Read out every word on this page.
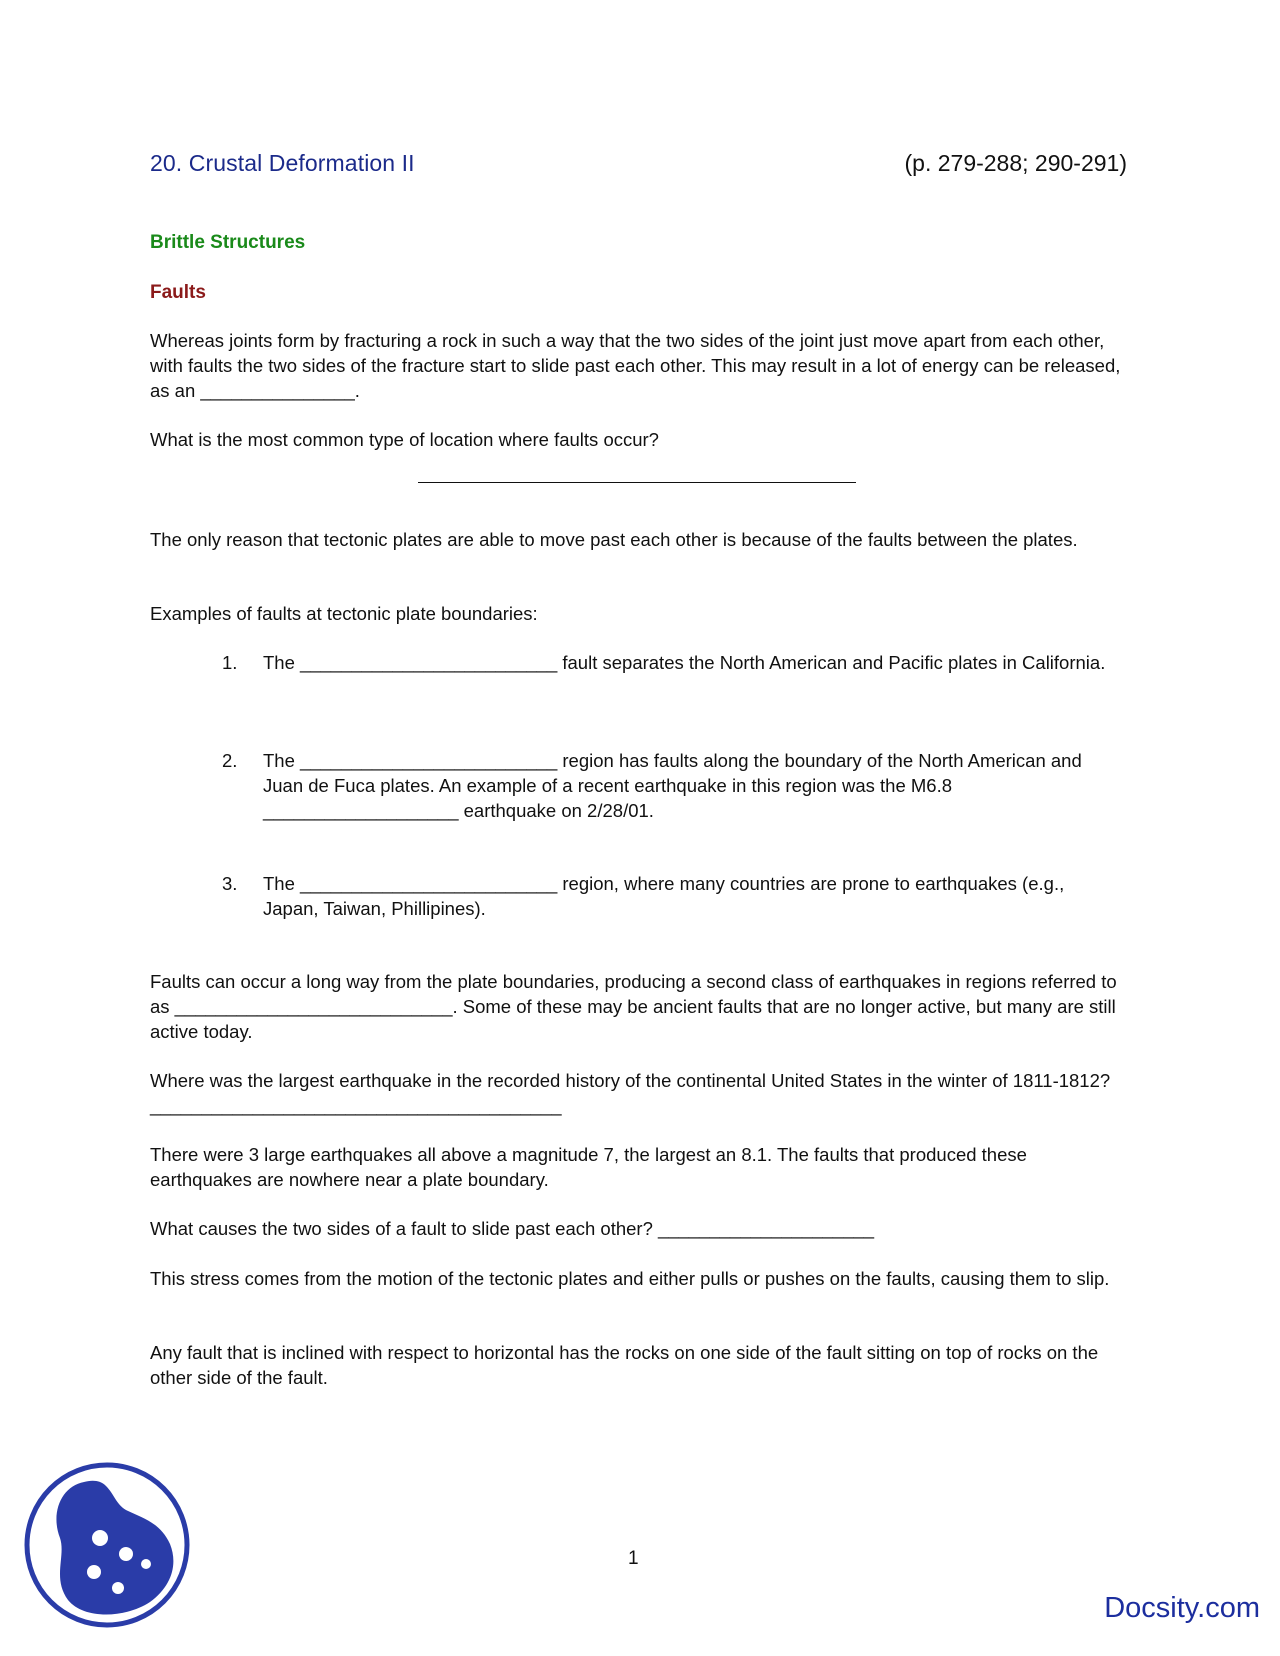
20. Crustal Deformation II	(p. 279-288; 290-291)
Brittle Structures
Faults
Whereas joints form by fracturing a rock in such a way that the two sides of the joint just move apart from each other, with faults the two sides of the fracture start to slide past each other. This may result in a lot of energy can be released, as an _______________.
What is the most common type of location where faults occur?
The only reason that tectonic plates are able to move past each other is because of the faults between the plates.
Examples of faults at tectonic plate boundaries:
1. The _________________________ fault separates the North American and Pacific plates in California.
2. The _________________________ region has faults along the boundary of the North American and Juan de Fuca plates. An example of a recent earthquake in this region was the M6.8 ___________________ earthquake on 2/28/01.
3. The _________________________ region, where many countries are prone to earthquakes (e.g., Japan, Taiwan, Phillipines).
Faults can occur a long way from the plate boundaries, producing a second class of earthquakes in regions referred to as ___________________________. Some of these may be ancient faults that are no longer active, but many are still active today.
Where was the largest earthquake in the recorded history of the continental United States in the winter of 1811-1812? ________________________________________
There were 3 large earthquakes all above a magnitude 7, the largest an 8.1. The faults that produced these earthquakes are nowhere near a plate boundary.
What causes the two sides of a fault to slide past each other? _____________________
This stress comes from the motion of the tectonic plates and either pulls or pushes on the faults, causing them to slip.
Any fault that is inclined with respect to horizontal has the rocks on one side of the fault sitting on top of rocks on the other side of the fault.
1
Docsity.com
